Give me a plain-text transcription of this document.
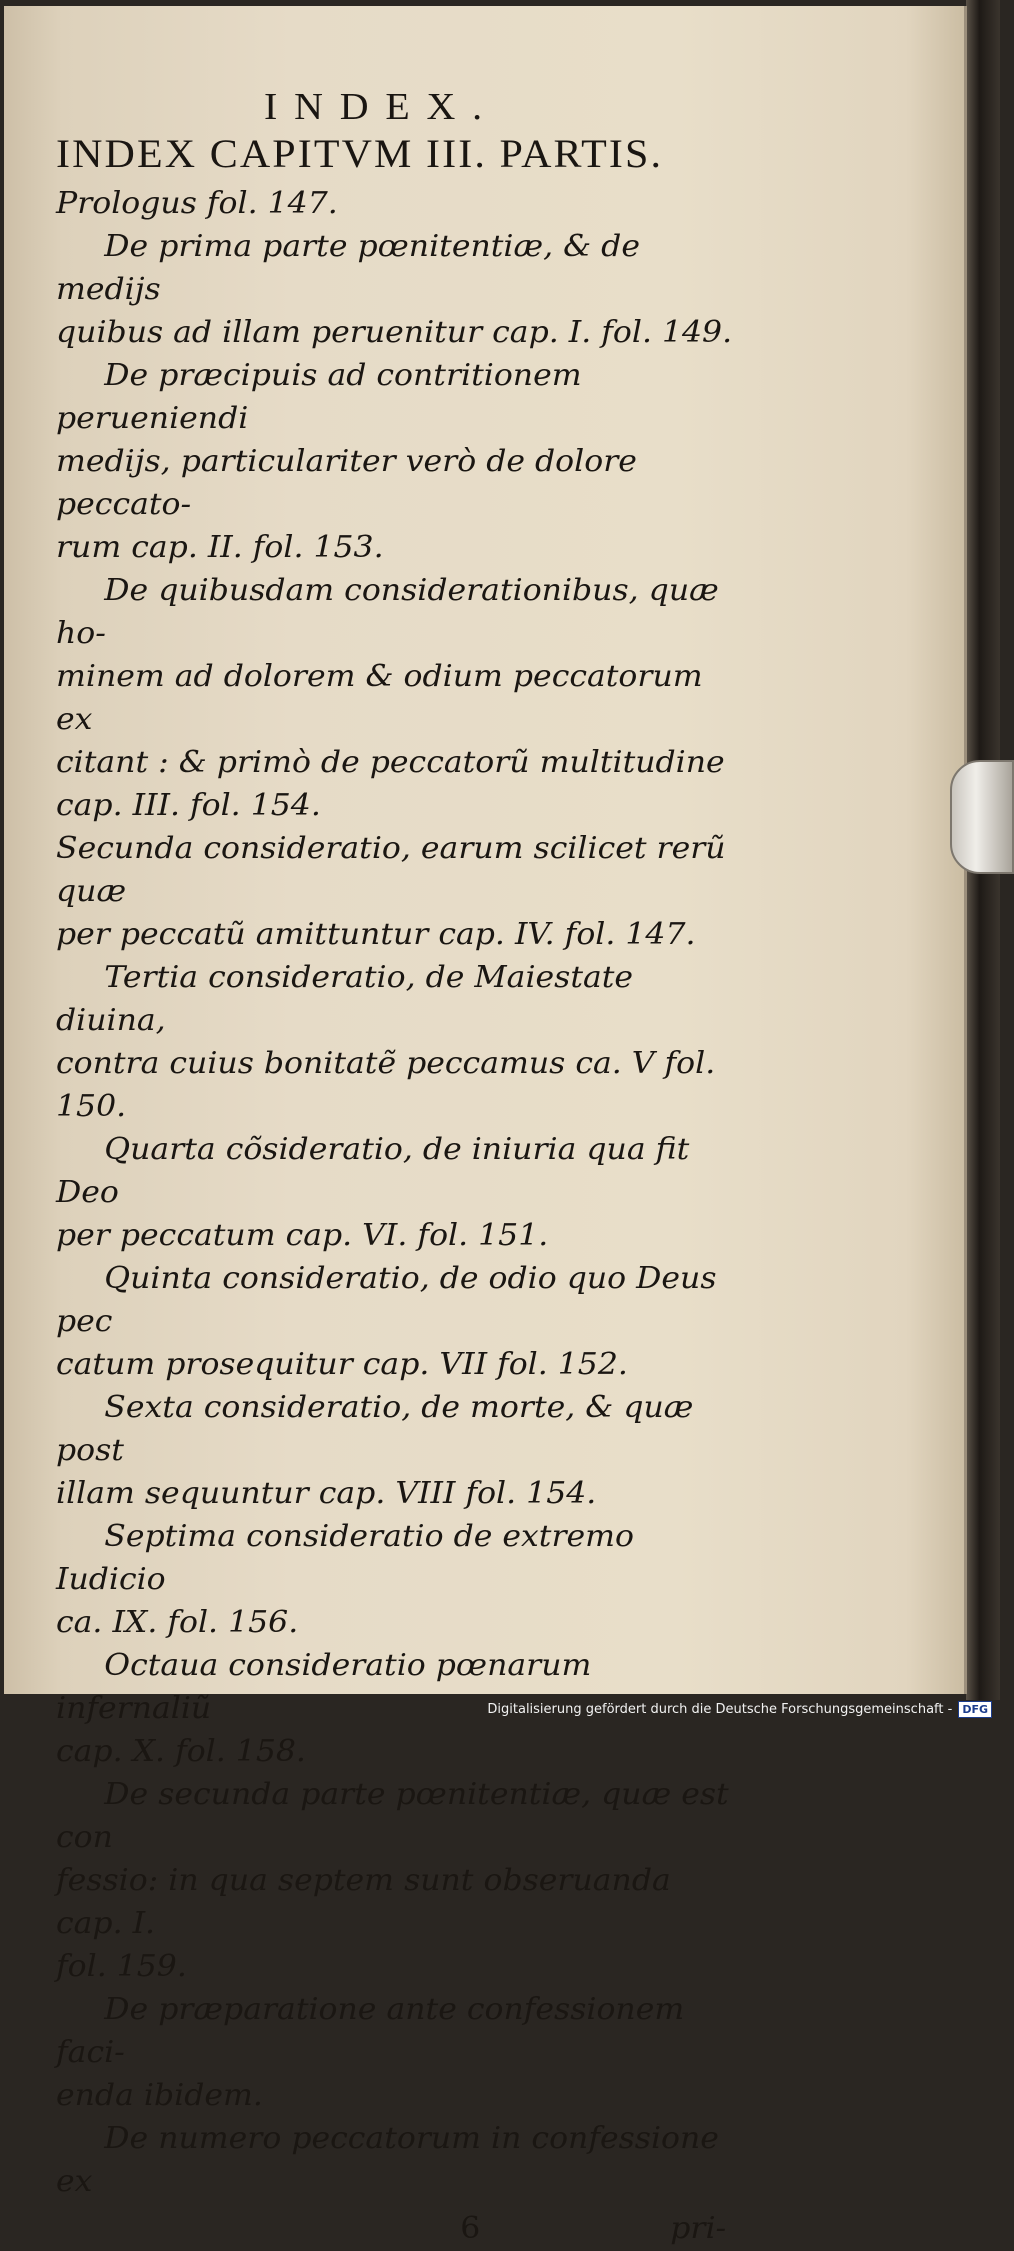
INDEX.
INDEX CAPITVM III. PARTIS.

Prologus fol. 147.

De prima parte pœnitentiæ, & de medijs
quibus ad illam peruenitur cap. I. fol. 149.

De præcipuis ad contritionem perueniendi
medijs, particulariter verò de dolore peccato-
rum cap. II. fol. 153.

De quibusdam considerationibus, quæ ho-
minem ad dolorem & odium peccatorum ex
citant : & primò de peccatorũ multitudine
cap. III. fol. 154.

Secunda consideratio, earum scilicet rerũ quæ
per peccatũ amittuntur cap. IV. fol. 147.

Tertia consideratio, de Maiestate diuina,
contra cuius bonitatẽ peccamus ca. V fol. 150.

Quarta cõsideratio, de iniuria qua fit Deo
per peccatum cap. VI. fol. 151.

Quinta consideratio, de odio quo Deus pec
catum prosequitur cap. VII fol. 152.

Sexta consideratio, de morte, & quæ post
illam sequuntur cap. VIII fol. 154.

Septima consideratio de extremo Iudicio
ca. IX. fol. 156.

Octaua consideratio pœnarum infernaliũ
cap. X. fol. 158.

De secunda parte pœnitentiæ, quæ est con
fessio: in qua septem sunt obseruanda cap. I.
fol. 159.

De præparatione ante confessionem faci-
enda ibidem.

De numero peccatorum in confessione ex

6	pri-
Digitalisierung gefördert durch die Deutsche Forschungsgemeinschaft - DFG
